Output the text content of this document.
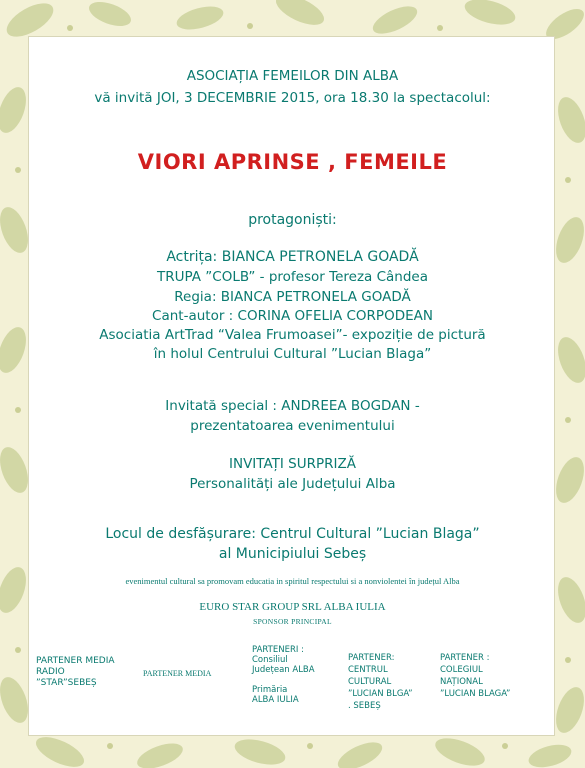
ASOCIAȚIA FEMEILOR DIN ALBA
vă invită JOI, 3 DECEMBRIE 2015, ora 18.30 la spectacolul:
VIORI APRINSE , FEMEILE
protagoniști:
Actrița: BIANCA PETRONELA GOADĂ
TRUPA ”COLB” - profesor Tereza Cândea
Regia: BIANCA PETRONELA GOADĂ
Cant-autor : CORINA OFELIA CORPODEAN
Asociatia ArtTrad “Valea Frumoasei”- expoziție de pictură
în holul Centrului Cultural ”Lucian Blaga”
Invitată special : ANDREEA BOGDAN -
prezentatoarea evenimentului
INVITAȚI SURPRIZĂ
Personalități ale Județului Alba
Locul de desfășurare: Centrul Cultural ”Lucian Blaga”
al Municipiului Sebeș
evenimentul cultural sa promovam educatia in spiritul respectului si a nonviolentei în județul Alba
EURO STAR GROUP SRL ALBA IULIA
SPONSOR PRINCIPAL
PARTENER MEDIA
RADIO
”STAR”SEBEȘ
PARTENER MEDIA
PARTENERI :
Consiliul
Județean ALBA
Primăria
ALBA IULIA
PARTENER:
CENTRUL
CULTURAL
”LUCIAN BLGA”
. SEBEȘ
PARTENER :
COLEGIUL
NAȚIONAL
”LUCIAN BLAGA”
